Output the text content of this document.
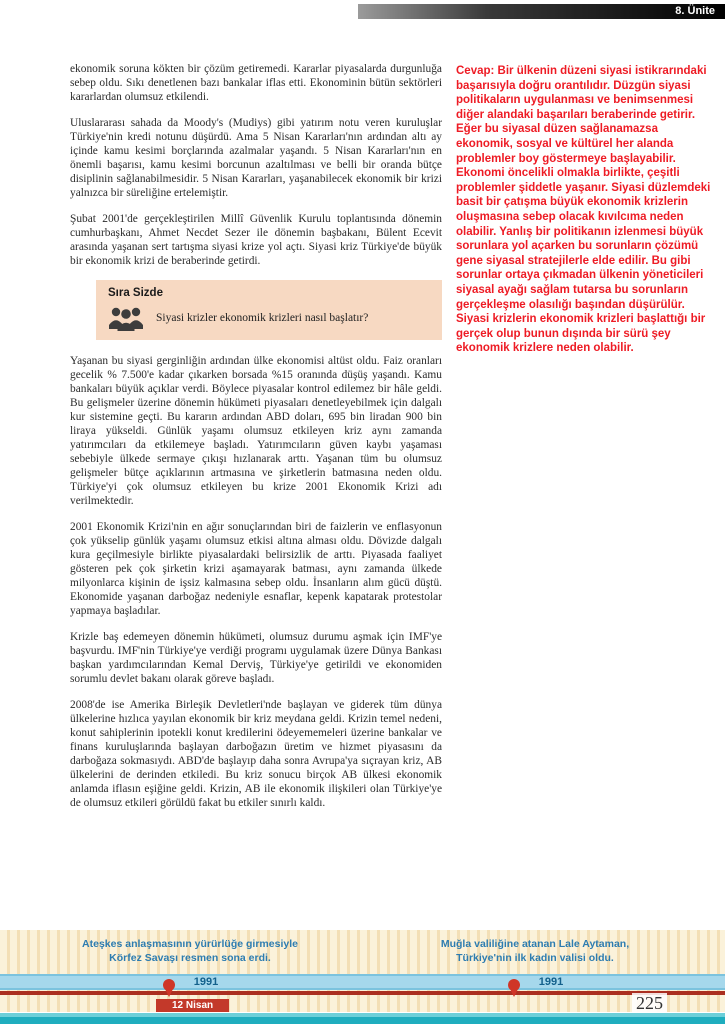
8. Ünite

ekonomik soruna kökten bir çözüm getiremedi. Kararlar piyasalarda durgunluğa sebep oldu. Sıkı denetlenen bazı bankalar iflas etti. Ekonominin bütün sektörleri kararlardan olumsuz etkilendi.

Uluslararası sahada da Moody's (Mudiys) gibi yatırım notu veren kuruluşlar Türkiye'nin kredi notunu düşürdü. Ama 5 Nisan Kararları'nın ardından altı ay içinde kamu kesimi borçlarında azalmalar yaşandı. 5 Nisan Kararları'nın en önemli başarısı, kamu kesimi borcunun azaltılması ve belli bir oranda bütçe disiplinin sağlanabilmesidir. 5 Nisan Kararları, yaşanabilecek ekonomik bir krizi yalnızca bir süreliğine ertelemiştir.

Şubat 2001'de gerçekleştirilen Millî Güvenlik Kurulu toplantısında dönemin cumhurbaşkanı, Ahmet Necdet Sezer ile dönemin başbakanı, Bülent Ecevit arasında yaşanan sert tartışma siyasi krize yol açtı. Siyasi kriz Türkiye'de büyük bir ekonomik krizi de beraberinde getirdi.

Sıra Sizde
Siyasi krizler ekonomik krizleri nasıl başlatır?

Yaşanan bu siyasi gerginliğin ardından ülke ekonomisi altüst oldu. Faiz oranları gecelik % 7.500'e kadar çıkarken borsada %15 oranında düşüş yaşandı. Kamu bankaları büyük açıklar verdi. Böylece piyasalar kontrol edilemez bir hâle geldi. Bu gelişmeler üzerine dönemin hükümeti piyasaları denetleyebilmek için dalgalı kur sistemine geçti. Bu kararın ardından ABD doları, 695 bin liradan 900 bin liraya yükseldi. Günlük yaşamı olumsuz etkileyen kriz aynı zamanda yatırımcıları da etkilemeye başladı. Yatırımcıların güven kaybı yaşaması sebebiyle ülkede sermaye çıkışı hızlanarak arttı. Yaşanan tüm bu olumsuz gelişmeler bütçe açıklarının artmasına ve şirketlerin batmasına neden oldu. Türkiye'yi çok olumsuz etkileyen bu krize 2001 Ekonomik Krizi adı verilmektedir.

2001 Ekonomik Krizi'nin en ağır sonuçlarından biri de faizlerin ve enflasyonun çok yükselip günlük yaşamı olumsuz etkisi altına alması oldu. Dövizde dalgalı kura geçilmesiyle birlikte piyasalardaki belirsizlik de arttı. Piyasada faaliyet gösteren pek çok şirketin krizi aşamayarak batması, aynı zamanda ülkede milyonlarca kişinin de işsiz kalmasına sebep oldu. İnsanların alım gücü düştü. Ekonomide yaşanan darboğaz nedeniyle esnaflar, kepenk kapatarak protestolar yapmaya başladılar.

Krizle baş edemeyen dönemin hükümeti, olumsuz durumu aşmak için IMF'ye başvurdu. IMF'nin Türkiye'ye verdiği programı uygulamak üzere Dünya Bankası başkan yardımcılarından Kemal Derviş, Türkiye'ye getirildi ve ekonomiden sorumlu devlet bakanı olarak göreve başladı.

2008'de ise Amerika Birleşik Devletleri'nde başlayan ve giderek tüm dünya ülkelerine hızlıca yayılan ekonomik bir kriz meydana geldi. Krizin temel nedeni, konut sahiplerinin ipotekli konut kredilerini ödeyememeleri üzerine bankalar ve finans kuruluşlarında başlayan darboğazın üretim ve hizmet piyasasını da darboğaza sokmasıydı. ABD'de başlayıp daha sonra Avrupa'ya sıçrayan kriz, AB ülkelerini de derinden etkiledi. Bu kriz sonucu birçok AB ülkesi ekonomik anlamda iflasın eşiğine geldi. Krizin, AB ile ekonomik ilişkileri olan Türkiye'ye de olumsuz etkileri görüldü fakat bu etkiler sınırlı kaldı.

Cevap: Bir ülkenin düzeni siyasi istikrarındaki başarısıyla doğru orantılıdır. Düzgün siyasi politikaların uygulanması ve benimsenmesi diğer alandaki başarıları beraberinde getirir. Eğer bu siyasal düzen sağlanamazsa ekonomik, sosyal ve kültürel her alanda problemler boy göstermeye başlayabilir. Ekonomi öncelikli olmakla birlikte, çeşitli problemler şiddetle yaşanır. Siyasi düzlemdeki basit bir çatışma büyük ekonomik krizlerin oluşmasına sebep olacak kıvılcıma neden olabilir. Yanlış bir politikanın izlenmesi büyük sorunlara yol açarken bu sorunların çözümü gene siyasal stratejilerle elde edilir. Bu gibi sorunlar ortaya çıkmadan ülkenin yöneticileri siyasal ayağı sağlam tutarsa bu sorunların gerçekleşme olasılığı başından düşürülür. Siyasi krizlerin ekonomik krizleri başlattığı bir gerçek olup bunun dışında bir sürü şey ekonomik krizlere neden olabilir.

Ateşkes anlaşmasının yürürlüğe girmesiyle
Körfez Savaşı resmen sona erdi.
Muğla valiliğine atanan Lale Aytaman,
Türkiye'nin ilk kadın valisi oldu.
1991	1991
12 Nisan	225
